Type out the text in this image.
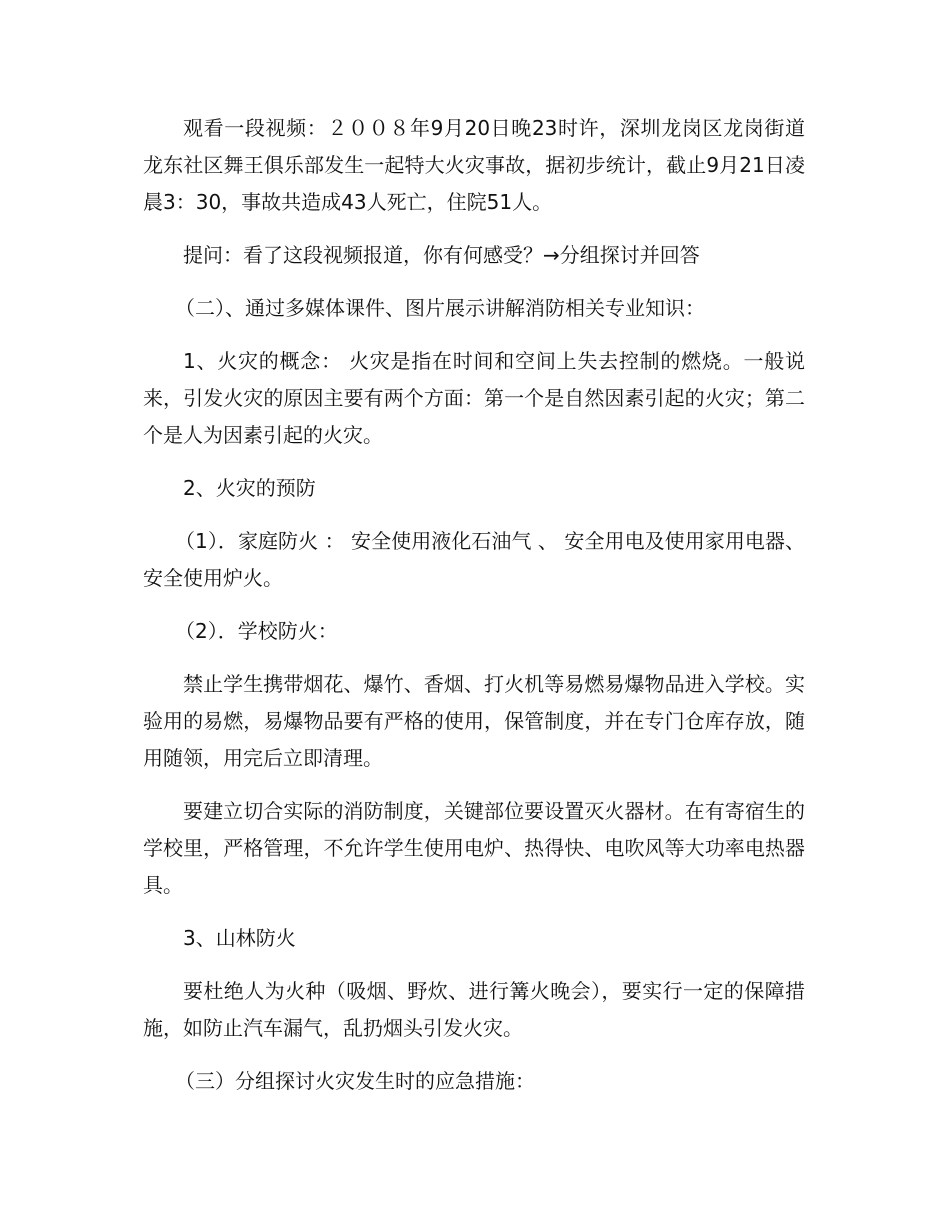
观看一段视频：２００８年9月20日晚23时许，深圳龙岗区龙岗街道龙东社区舞王俱乐部发生一起特大火灾事故，据初步统计，截止9月21日凌晨3：30，事故共造成43人死亡，住院51人。

提问：看了这段视频报道，你有何感受？→分组探讨并回答

（二）、通过多媒体课件、图片展示讲解消防相关专业知识：

1、火灾的概念： 火灾是指在时间和空间上失去控制的燃烧。一般说来，引发火灾的原因主要有两个方面：第一个是自然因素引起的火灾；第二个是人为因素引起的火灾。

2、火灾的预防

（1）．家庭防火 ： 安全使用液化石油气 、 安全用电及使用家用电器、 安全使用炉火。

（2）．学校防火：

禁止学生携带烟花、爆竹、香烟、打火机等易燃易爆物品进入学校。实验用的易燃，易爆物品要有严格的使用，保管制度，并在专门仓库存放，随用随领，用完后立即清理。

要建立切合实际的消防制度，关键部位要设置灭火器材。在有寄宿生的学校里，严格管理，不允许学生使用电炉、热得快、电吹风等大功率电热器具。

3、山林防火

要杜绝人为火种（吸烟、野炊、进行篝火晚会），要实行一定的保障措施，如防止汽车漏气，乱扔烟头引发火灾。

（三）分组探讨火灾发生时的应急措施：
